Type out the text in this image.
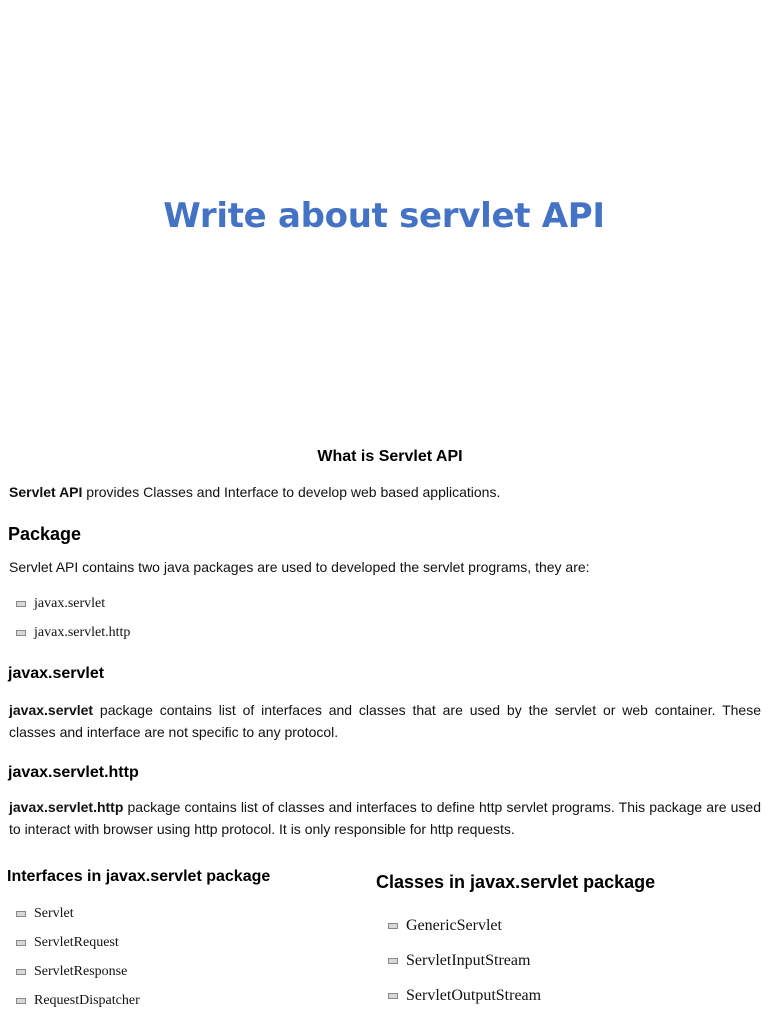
Write about servlet API
What is Servlet API
Servlet API provides Classes and Interface to develop web based applications.
Package
Servlet API contains two java packages are used to developed the servlet programs, they are:
javax.servlet
javax.servlet.http
javax.servlet
javax.servlet package contains list of interfaces and classes that are used by the servlet or web container. These classes and interface are not specific to any protocol.
javax.servlet.http
javax.servlet.http package contains list of classes and interfaces to define http servlet programs. This package are used to interact with browser using http protocol. It is only responsible for http requests.
Interfaces in javax.servlet package
Servlet
ServletRequest
ServletResponse
RequestDispatcher
Classes in javax.servlet package
GenericServlet
ServletInputStream
ServletOutputStream
